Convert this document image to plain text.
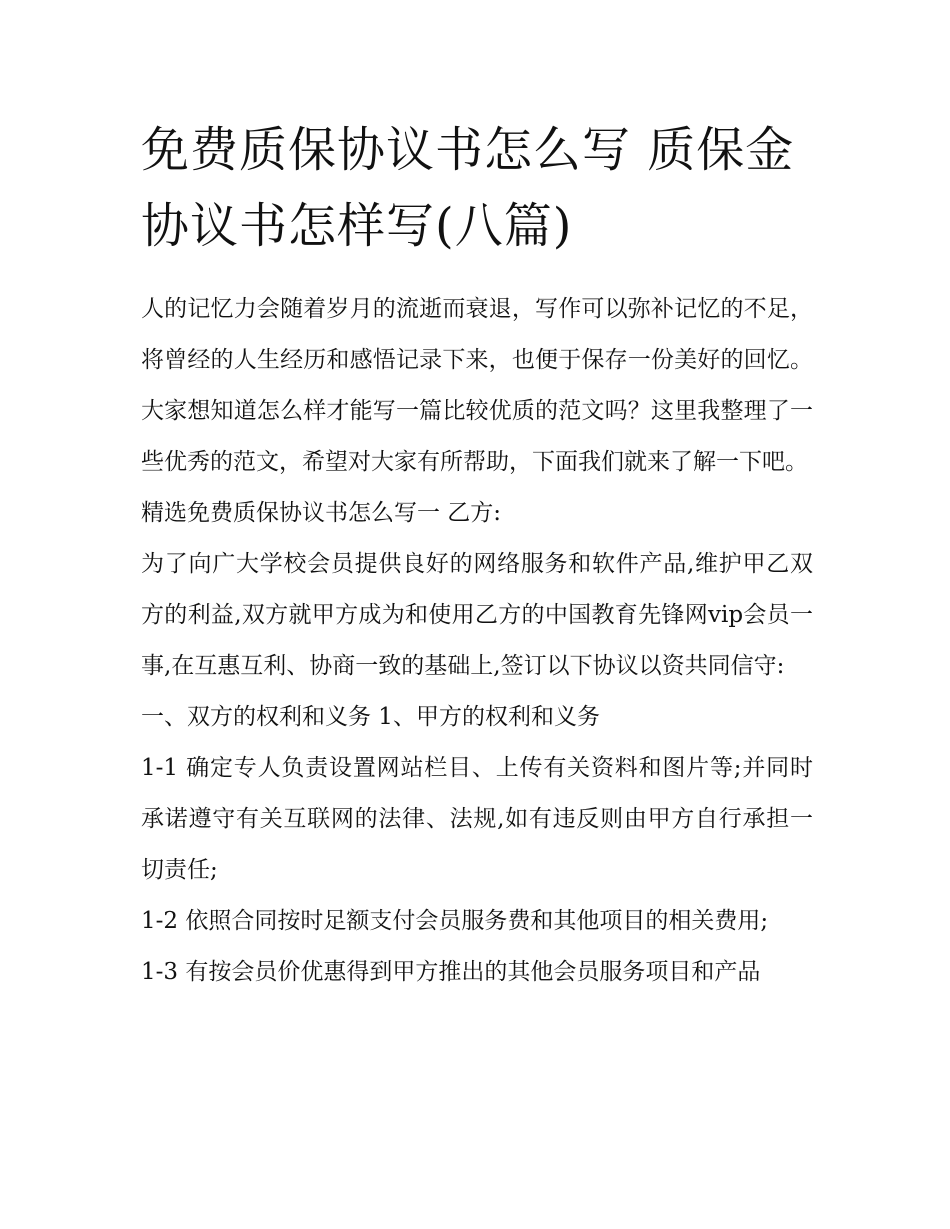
免费质保协议书怎么写 质保金协议书怎样写(八篇)

人的记忆力会随着岁月的流逝而衰退，写作可以弥补记忆的不足，将曾经的人生经历和感悟记录下来，也便于保存一份美好的回忆。大家想知道怎么样才能写一篇比较优质的范文吗？这里我整理了一些优秀的范文，希望对大家有所帮助，下面我们就来了解一下吧。

精选免费质保协议书怎么写一 乙方:

为了向广大学校会员提供良好的网络服务和软件产品,维护甲乙双方的利益,双方就甲方成为和使用乙方的中国教育先锋网vip会员一事,在互惠互利、协商一致的基础上,签订以下协议以资共同信守:

一、双方的权利和义务 1、甲方的权利和义务

1-1 确定专人负责设置网站栏目、上传有关资料和图片等;并同时承诺遵守有关互联网的法律、法规,如有违反则由甲方自行承担一切责任;

1-2 依照合同按时足额支付会员服务费和其他项目的相关费用;

1-3 有按会员价优惠得到甲方推出的其他会员服务项目和产品
